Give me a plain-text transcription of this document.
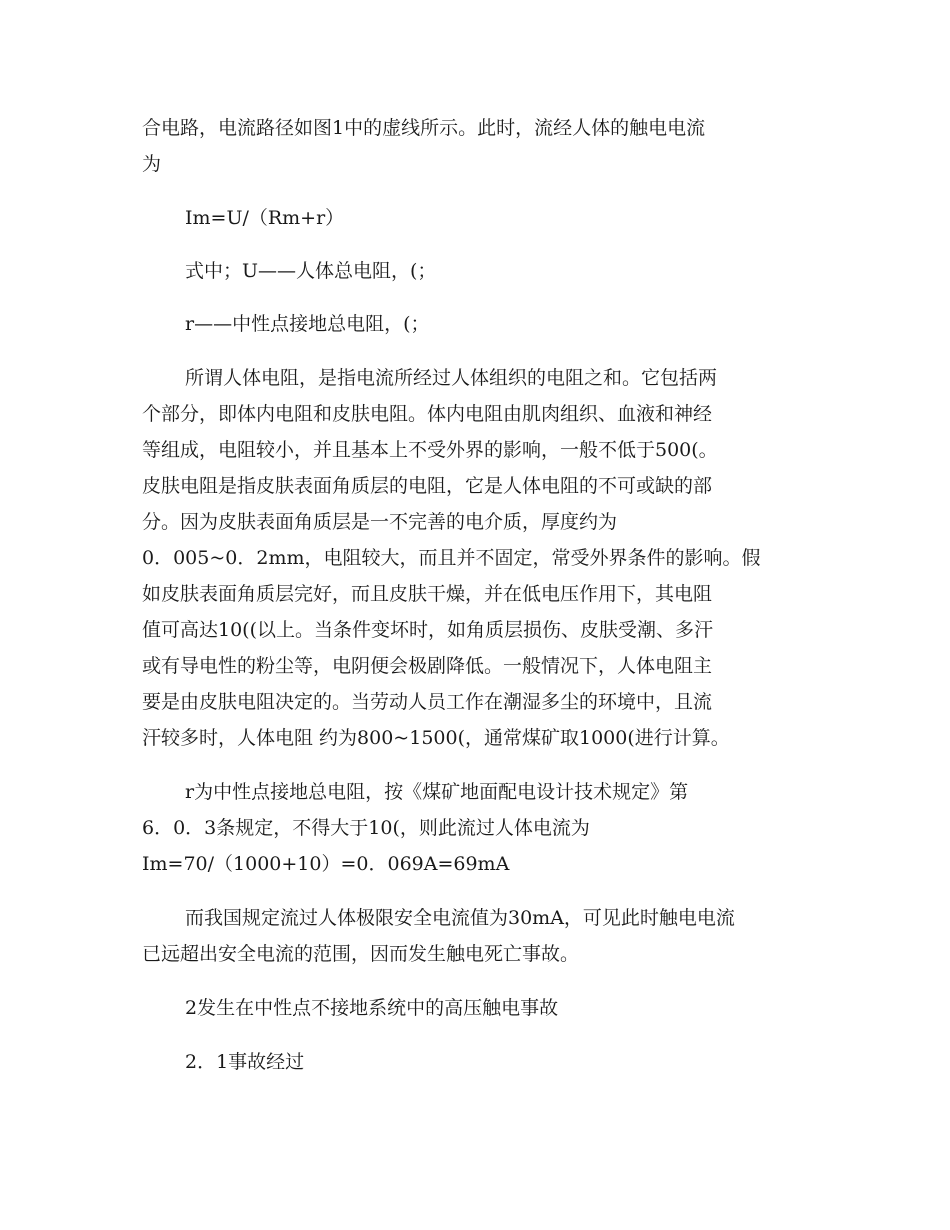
合电路，电流路径如图1中的虚线所示。此时，流经人体的触电电流
为
Im=U/（Rm+r）
式中；U——人体总电阻，(；
r——中性点接地总电阻，(；
所谓人体电阻，是指电流所经过人体组织的电阻之和。它包括两
个部分，即体内电阻和皮肤电阻。体内电阻由肌肉组织、血液和神经
等组成，电阻较小，并且基本上不受外界的影响，一般不低于500(。
皮肤电阻是指皮肤表面角质层的电阻，它是人体电阻的不可或缺的部
分。因为皮肤表面角质层是一不完善的电介质，厚度约为
0．005~0．2mm，电阻较大，而且并不固定，常受外界条件的影响。假
如皮肤表面角质层完好，而且皮肤干燥，并在低电压作用下，其电阻
值可高达10((以上。当条件变坏时，如角质层损伤、皮肤受潮、多汗
或有导电性的粉尘等，电阴便会极剧降低。一般情况下，人体电阻主
要是由皮肤电阻决定的。当劳动人员工作在潮湿多尘的环境中，且流
汗较多时，人体电阻 约为800~1500(，通常煤矿取1000(进行计算。
r为中性点接地总电阻，按《煤矿地面配电设计技术规定》第
6．0．3条规定，不得大于10(，则此流过人体电流为
Im=70/（1000+10）=0．069A=69mA
而我国规定流过人体极限安全电流值为30mA，可见此时触电电流
已远超出安全电流的范围，因而发生触电死亡事故。
2发生在中性点不接地系统中的高压触电事故
2．1事故经过
